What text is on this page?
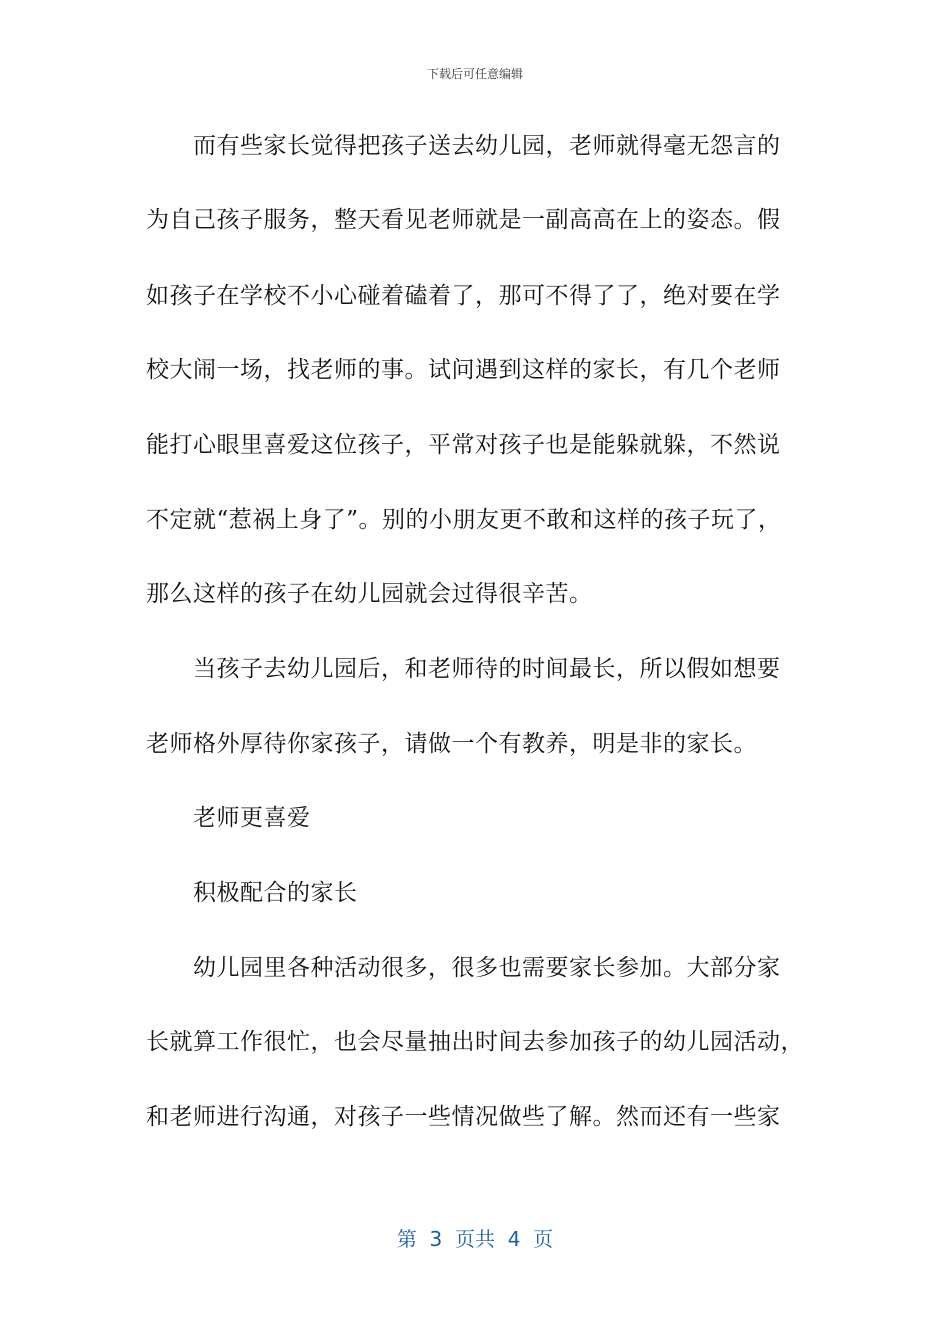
下载后可任意编辑
而有些家长觉得把孩子送去幼儿园，老师就得毫无怨言的
为自己孩子服务，整天看见老师就是一副高高在上的姿态。假
如孩子在学校不小心碰着磕着了，那可不得了了，绝对要在学
校大闹一场，找老师的事。试问遇到这样的家长，有几个老师
能打心眼里喜爱这位孩子，平常对孩子也是能躲就躲，不然说
不定就“惹祸上身了”。别的小朋友更不敢和这样的孩子玩了，
那么这样的孩子在幼儿园就会过得很辛苦。
当孩子去幼儿园后，和老师待的时间最长，所以假如想要
老师格外厚待你家孩子，请做一个有教养，明是非的家长。
老师更喜爱
积极配合的家长
幼儿园里各种活动很多，很多也需要家长参加。大部分家
长就算工作很忙，也会尽量抽出时间去参加孩子的幼儿园活动，
和老师进行沟通，对孩子一些情况做些了解。然而还有一些家
第  3  页共  4  页
